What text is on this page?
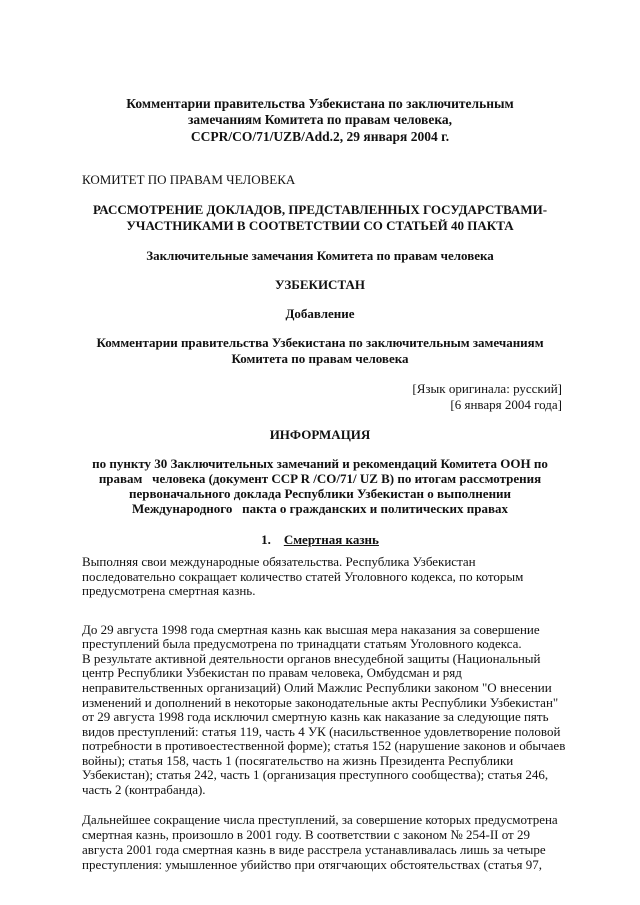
Комментарии правительства Узбекистана по заключительным
замечаниям Комитета по правам человека,
CCPR/CO/71/UZB/Add.2, 29 января 2004 г.
КОМИТЕТ ПО ПРАВАМ ЧЕЛОВЕКА
РАССМОТРЕНИЕ ДОКЛАДОВ, ПРЕДСТАВЛЕННЫХ ГОСУДАРСТВАМИ-
УЧАСТНИКАМИ В СООТВЕТСТВИИ СО СТАТЬЕЙ 40 ПАКТА
Заключительные замечания Комитета по правам человека
УЗБЕКИСТАН
Добавление
Комментарии правительства Узбекистана по заключительным замечаниям
Комитета по правам человека
[Язык оригинала: русский]
[6 января 2004 года]
ИНФОРМАЦИЯ
по пункту 30 Заключительных замечаний и рекомендаций Комитета ООН по
правам   человека (документ CCP R /CO/71/ UZ B) по итогам рассмотрения
первоначального доклада Республики Узбекистан о выполнении
Международного   пакта о гражданских и политических правах
1. Смертная казнь
Выполняя свои международные обязательства. Республика Узбекистан
последовательно сокращает количество статей Уголовного кодекса, по которым
предусмотрена смертная казнь.
До 29 августа 1998 года смертная казнь как высшая мера наказания за совершение
преступлений была предусмотрена по тринадцати статьям Уголовного кодекса.
В результате активной деятельности органов внесудебной защиты (Национальный
центр Республики Узбекистан по правам человека, Омбудсман и ряд
неправительственных организаций) Олий Мажлис Республики законом "О внесении
изменений и дополнений в некоторые законодательные акты Республики Узбекистан"
от 29 августа 1998 года исключил смертную казнь как наказание за следующие пять
видов преступлений: статья 119, часть 4 УК (насильственное удовлетворение половой
потребности в противоестественной форме); статья 152 (нарушение законов и обычаев
войны); статья 158, часть 1 (посягательство на жизнь Президента Республики
Узбекистан); статья 242, часть 1 (организация преступного сообщества); статья 246,
часть 2 (контрабанда).
Дальнейшее сокращение числа преступлений, за совершение которых предусмотрена
смертная казнь, произошло в 2001 году. В соответствии с законом № 254-II от 29
августа 2001 года смертная казнь в виде расстрела устанавливалась лишь за четыре
преступления: умышленное убийство при отягчающих обстоятельствах (статья 97,
